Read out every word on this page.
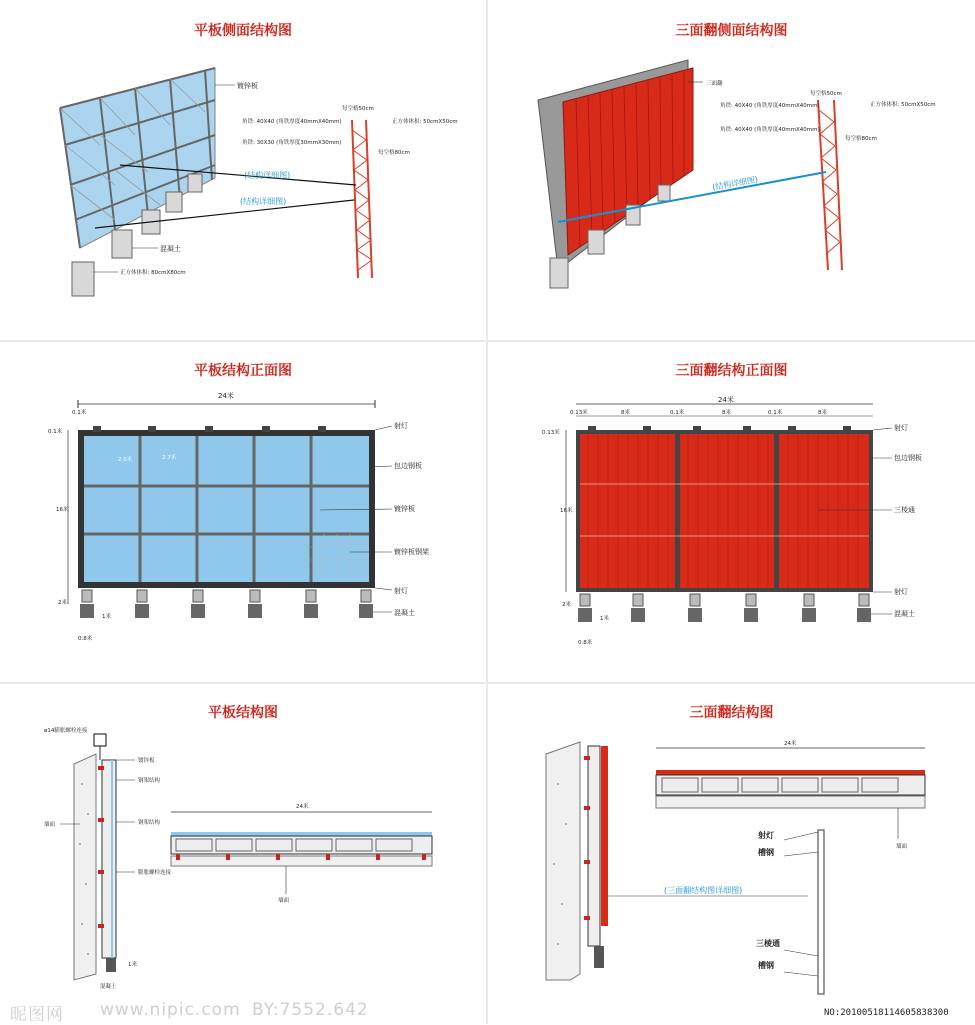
平板侧面结构图
镀锌板
角铁: 40X40 (角铁厚度40mmX40mm)
角铁: 30X30 (角铁厚度30mmX30mm)
每空格50cm
正方体体积: 50cmX50cm
每空格80cm
(结构详细图)
(结构详细图)
混凝土
正方体体积: 80cmX80cm
三面翻侧面结构图
三面翻
每空格50cm
角铁: 40X40 (角铁厚度40mmX40mm)	正方体体积: 50cmX50cm
角铁: 40X40 (角铁厚度40mmX40mm)
每空格80cm
(结构详细图)
平板结构正面图
24米
0.1米
0.1米
16米
2.0米	2.7米
2米
1米
0.8米
射灯
包边钢板
镀锌板
镀锌板钢架
射灯
混凝土
三面翻结构正面图
24米
0.13米	8米	0.1米	8米	0.1米	8米
0.13米
16米
2米
1米
0.8米
射灯
包边钢板
三棱通
射灯
混凝土
平板结构图
ø14膨胀螺栓连接
镀锌板
钢架结构
墙面	钢架结构
膨胀螺栓连接
1米
混凝土
24米
墙面
三面翻结构图
24米
墙面
射灯
槽钢
(三面翻结构图详细图)
三棱通
槽钢
昵图网 www.nipic.com BY:7552.642	NO:20100518114605838300
